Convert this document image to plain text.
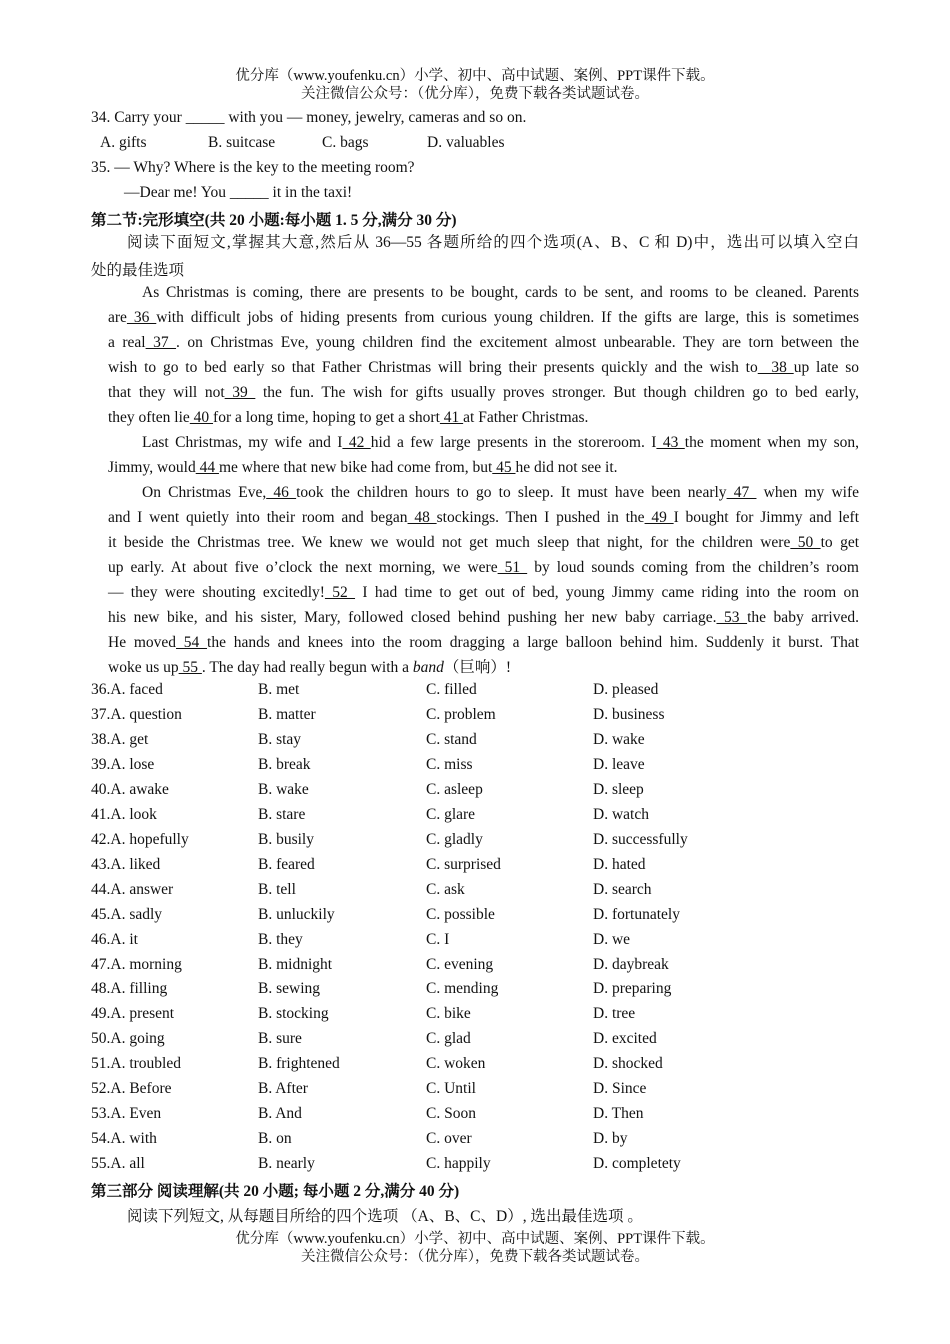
优分库（www.youfenku.cn）小学、初中、高中试题、案例、PPT课件下载。
关注微信公众号：（优分库），免费下载各类试题试卷。
34. Carry your _____ with you — money, jewelry, cameras and so on.
A. gifts	B. suitcase	C. bags	D. valuables
35. — Why? Where is the key to the meeting room?
—Dear me! You _____ it in the taxi!
第二节:完形填空(共 20 小题:每小题 1. 5 分,满分 30 分)
阅读下面短文,掌握其大意,然后从 36—55 各题所给的四个选项(A、B、C 和 D)中，选出可以填入空白
处的最佳选项
As Christmas is coming, there are presents to be bought, cards to be sent, and rooms to be cleaned. Parents
are 36 with difficult jobs of hiding presents from curious young children. If the gifts are large, this is sometimes
a real 37 . on Christmas Eve, young children find the excitement almost unbearable. They are torn between the
wish to go to bed early so that Father Christmas will bring their presents quickly and the wish to  38 up late so
that they will not 39  the fun. The wish for gifts usually proves stronger. But though children go to bed early,
they often lie 40 for a long time, hoping to get a short 41 at Father Christmas.
Last Christmas, my wife and I 42 hid a few large presents in the storeroom. I 43 the moment when my son,
Jimmy, would 44 me where that new bike had come from, but 45 he did not see it.
On Christmas Eve, 46 took the children hours to go to sleep. It must have been nearly 47  when my wife
and I went quietly into their room and began 48 stockings. Then I pushed in the 49 I bought for Jimmy and left
it beside the Christmas tree. We knew we would not get much sleep that night, for the children were 50 to get
up early. At about five o’clock the next morning, we were 51  by loud sounds coming from the children’s room
— they were shouting excitedly! 52  I had time to get out of bed, young Jimmy came riding into the room on
his new bike, and his sister, Mary, followed closed behind pushing her new baby carriage. 53 the baby arrived.
He moved 54 the hands and knees into the room dragging a large balloon behind him. Suddenly it burst. That
woke us up 55 . The day had really begun with a band（巨响）!
36.A. faced	B. met	C. filled	D. pleased
37.A. question	B. matter	C. problem	D. business
38.A. get	B. stay	C. stand	D. wake
39.A. lose	B. break	C. miss	D. leave
40.A. awake	B. wake	C. asleep	D. sleep
41.A. look	B. stare	C. glare	D. watch
42.A. hopefully	B. busily	C. gladly	D. successfully
43.A. liked	B. feared	C. surprised	D. hated
44.A. answer	B. tell	C. ask	D. search
45.A. sadly	B. unluckily	C. possible	D. fortunately
46.A. it	B. they	C. I	D. we
47.A. morning	B. midnight	C. evening	D. daybreak
48.A. filling	B. sewing	C. mending	D. preparing
49.A. present	B. stocking	C. bike	D. tree
50.A. going	B. sure	C. glad	D. excited
51.A. troubled	B. frightened	C. woken	D. shocked
52.A. Before	B. After	C. Until	D. Since
53.A. Even	B. And	C. Soon	D. Then
54.A. with	B. on	C. over	D. by
55.A. all	B. nearly	C. happily	D. completety
第三部分 阅读理解(共 20 小题; 每小题 2 分,满分 40 分)
阅读下列短文, 从每题目所给的四个选项 （A、B、C、D）, 选出最佳选项 。
优分库（www.youfenku.cn）小学、初中、高中试题、案例、PPT课件下载。
关注微信公众号：（优分库），免费下载各类试题试卷。
